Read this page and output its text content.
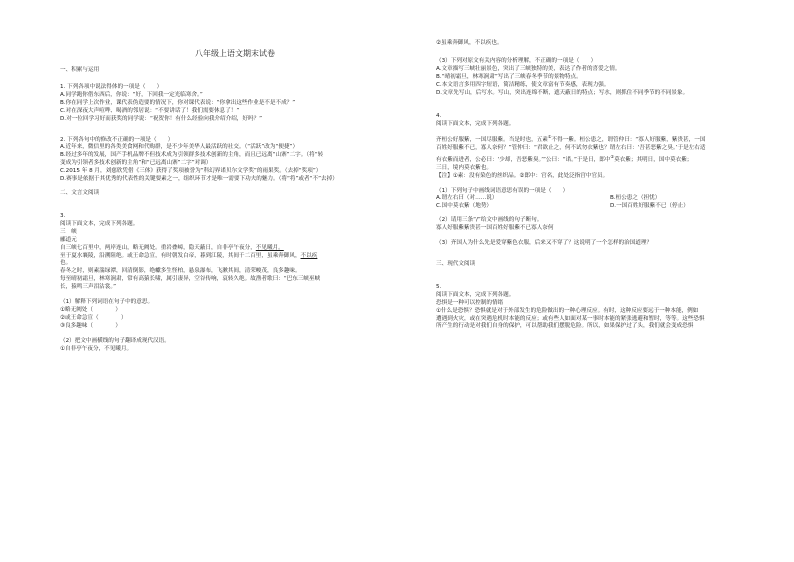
八年级上语文期末试卷
一、积累与运用
1. 下列各项中说法得体的一项是（　　）
A.同学跑你借东西后，你说：“好，下回我一定光临寒舍。”
B.你在同学上次作业，课代表伪造要的情况下，你对课代表说：“你拿出这些作业是不是不成？”
C.对在深夜大声喧哗、喝酒的邻居说：“不要讲话了！我们需要休息了！”
D.对一位回学习好而获奖的同学说：“祝贺你！有什么经验向我介绍介绍，好吗？”
2. 下列各句中的修改不正确的一项是（　　）
A.近年来，微信里的各类美食网和代购群，是不少年美华人最活跃的社交。（“活跃”改为“便捷”）
B.经过多年的发展，国产手机品牌不但技术成为引领群多技术创新的主角，而且已远离“山寨”二字。（将“转
变成为引领者多技术创新的主角”和“已远离山寨”二字”对调）
C.2015 年 8 月，刘慈欣凭借《三体》获得了奖项被誉为“科幻界诺贝尔文学奖”的雨果奖。（去掉“奖项”）
D.赛事是依据于其优秀的代表性的关键要素之一，组织环节才是唯一需要下功夫的魅力。（将“将”或者“不”去掉）
二、文言文阅读
3.
阅读下面文本，完成下列各题。
三　峡
郦道元
自三峡七百里中，两岸连山，略无阙处。重岩叠嶂，隐天蔽日，自非亭午夜分，不见曦月。
至于夏水襄陵，沿溯阻绝。或王命急宣，有时朝发白帝，暮到江陵，其间千二百里，虽乘奔御风，不以疾
也。
春冬之时，则素湍绿潭，回清倒影，绝巘多生怪柏，悬泉瀑布，飞漱其间，清荣峻茂，良多趣味。
每至晴初霜旦，林寒涧肃，常有高猿长啸，属引凄异，空谷传响，哀转久绝。故渔者歌曰：“巴东三峡巫峡
长，猿鸣三声泪沾裳。”
（1）解释下列词语在句子中的意思。
①略无阙处（　　　　）
②或王命急宣（　　　　）
③良多趣味（　　　　）
（2）把文中画横线的句子翻译成现代汉语。
①自非亭午夜分，不见曦月。
②虽乘奔御风，不以疾也。
（3）下列对原文有关内容的分析理解，不正确的一项是（　　）
A.文章描写三峡壮丽景色，突出了三峡独特的美，表达了作者的喜爱之情。
B.“晴初霜旦，林寒涧肃”写出了三峡春冬季节的景物特点。
C.本文语言多用四字短语，简洁精练，使文章富有节奏感，表现力强。
D.文章先写山，后写水。写山，突出连绵不断，遮天蔽日的特点；写水，则抓住不同季节的不同景象。
4.
阅读下面文本，完成下列各题。
齐桓公好服紫，一国尽服紫。当是时也，五素①不得一紫。桓公患之，谓管仲曰：“寡人好服紫，紫贵甚，一国
百姓好服紫不已，寡人奈何？”管仲曰：“君欲止之，何不试勿衣紫也？谓左右曰：‘吾甚恶紫之臭。’于是左右适
有衣紫而进者，公必曰：‘少却，吾恶紫臭。’”公曰：“诺。”于是日，郎中②莫衣紫；其明日，国中莫衣紫；
三日，境内莫衣紫也。
【注】①素：没有染色的丝织品。②郎中：官名，此处泛指宫中官员。
（1）下列句子中画线词语意思有误的一项是（　　）
A.谓左右曰（对……说）	B.桓公患之（担忧）
C.国中莫衣紫（地势）	D.一国百姓好服紫不已（停止）
（2）请用三条“/”给文中画线的句子断句。
寡人好服紫紫贵甚一国百姓好服紫不已寡人奈何
（3）齐国人为什么先是爱穿紫色衣服，后来又不穿了？这说明了一个怎样的治国道理？
三、现代文阅读
5.
阅读下面文本，完成下列各题。
恐惧是一种可以控制的情绪
①什么是恐惧？恐惧就是对于外部发生的危险做出的一种心理反应。有时，这种反应要远于一种本能，例如
遭遇到火灾，或在突遇危机时本能的反应；或有些人如面对某一事时本能的紧张逃避和暂时，等等。这些恐惧
所产生的行动是对我们自身的保护，可以帮助我们摆脱危险。所以，如果保护过了头，我们就会变成恐惧
